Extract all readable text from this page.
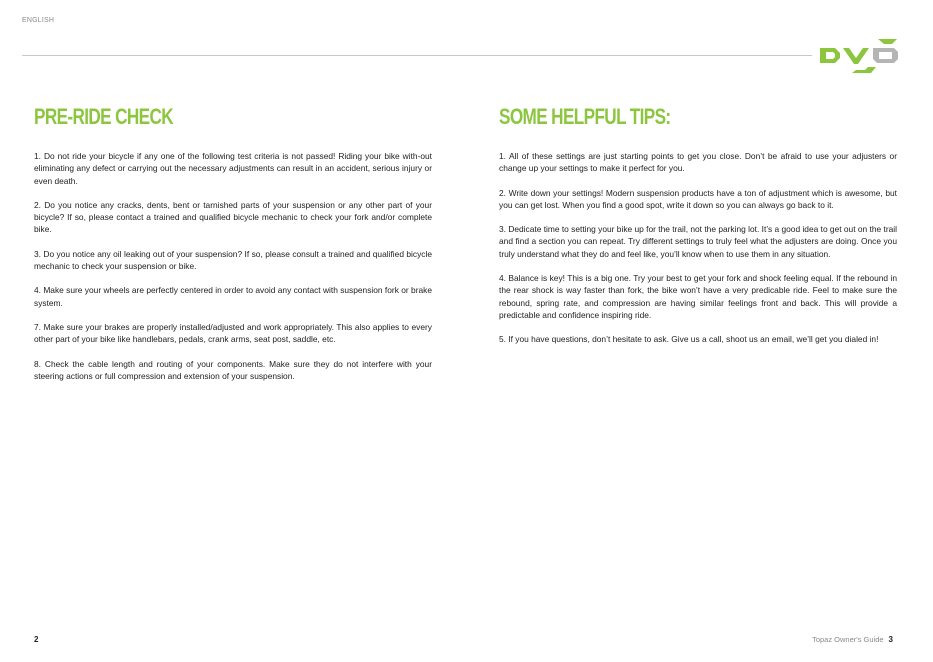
ENGLISH
PRE-RIDE CHECK

1. Do not ride your bicycle if any one of the following test criteria is not passed! Riding your bike with-out eliminating any defect or carrying out the necessary adjustments can result in an accident, serious injury or even death.

2. Do you notice any cracks, dents, bent or tarnished parts of your suspension or any other part of your bicycle? If so, please contact a trained and qualified bicycle mechanic to check your fork and/or complete bike.

3. Do you notice any oil leaking out of your suspension? If so, please consult a trained and qualified bicycle mechanic to check your suspension or bike.

4. Make sure your wheels are perfectly centered in order to avoid any contact with suspension fork or brake system.

7. Make sure your brakes are properly installed/adjusted and work appropriately. This also applies to every other part of your bike like handlebars, pedals, crank arms, seat post, saddle, etc.

8. Check the cable length and routing of your components. Make sure they do not interfere with your steering actions or full compression and extension of your suspension.

SOME HELPFUL TIPS:

1. All of these settings are just starting points to get you close. Don’t be afraid to use your adjusters or change up your settings to make it perfect for you.

2. Write down your settings! Modern suspension products have a ton of adjustment which is awesome, but you can get lost. When you find a good spot, write it down so you can always go back to it.

3. Dedicate time to setting your bike up for the trail, not the parking lot. It’s a good idea to get out on the trail and find a section you can repeat. Try different settings to truly feel what the adjusters are doing. Once you truly understand what they do and feel like, you’ll know when to use them in any situation.

4. Balance is key! This is a big one. Try your best to get your fork and shock feeling equal. If the rebound in the rear shock is way faster than fork, the bike won’t have a very predicable ride. Feel to make sure the rebound, spring rate, and compression are having similar feelings front and back. This will provide a predictable and confidence inspiring ride.

5. If you have questions, don’t hesitate to ask. Give us a call, shoot us an email, we’ll get you dialed in!

2	Topaz Owner's Guide 3
